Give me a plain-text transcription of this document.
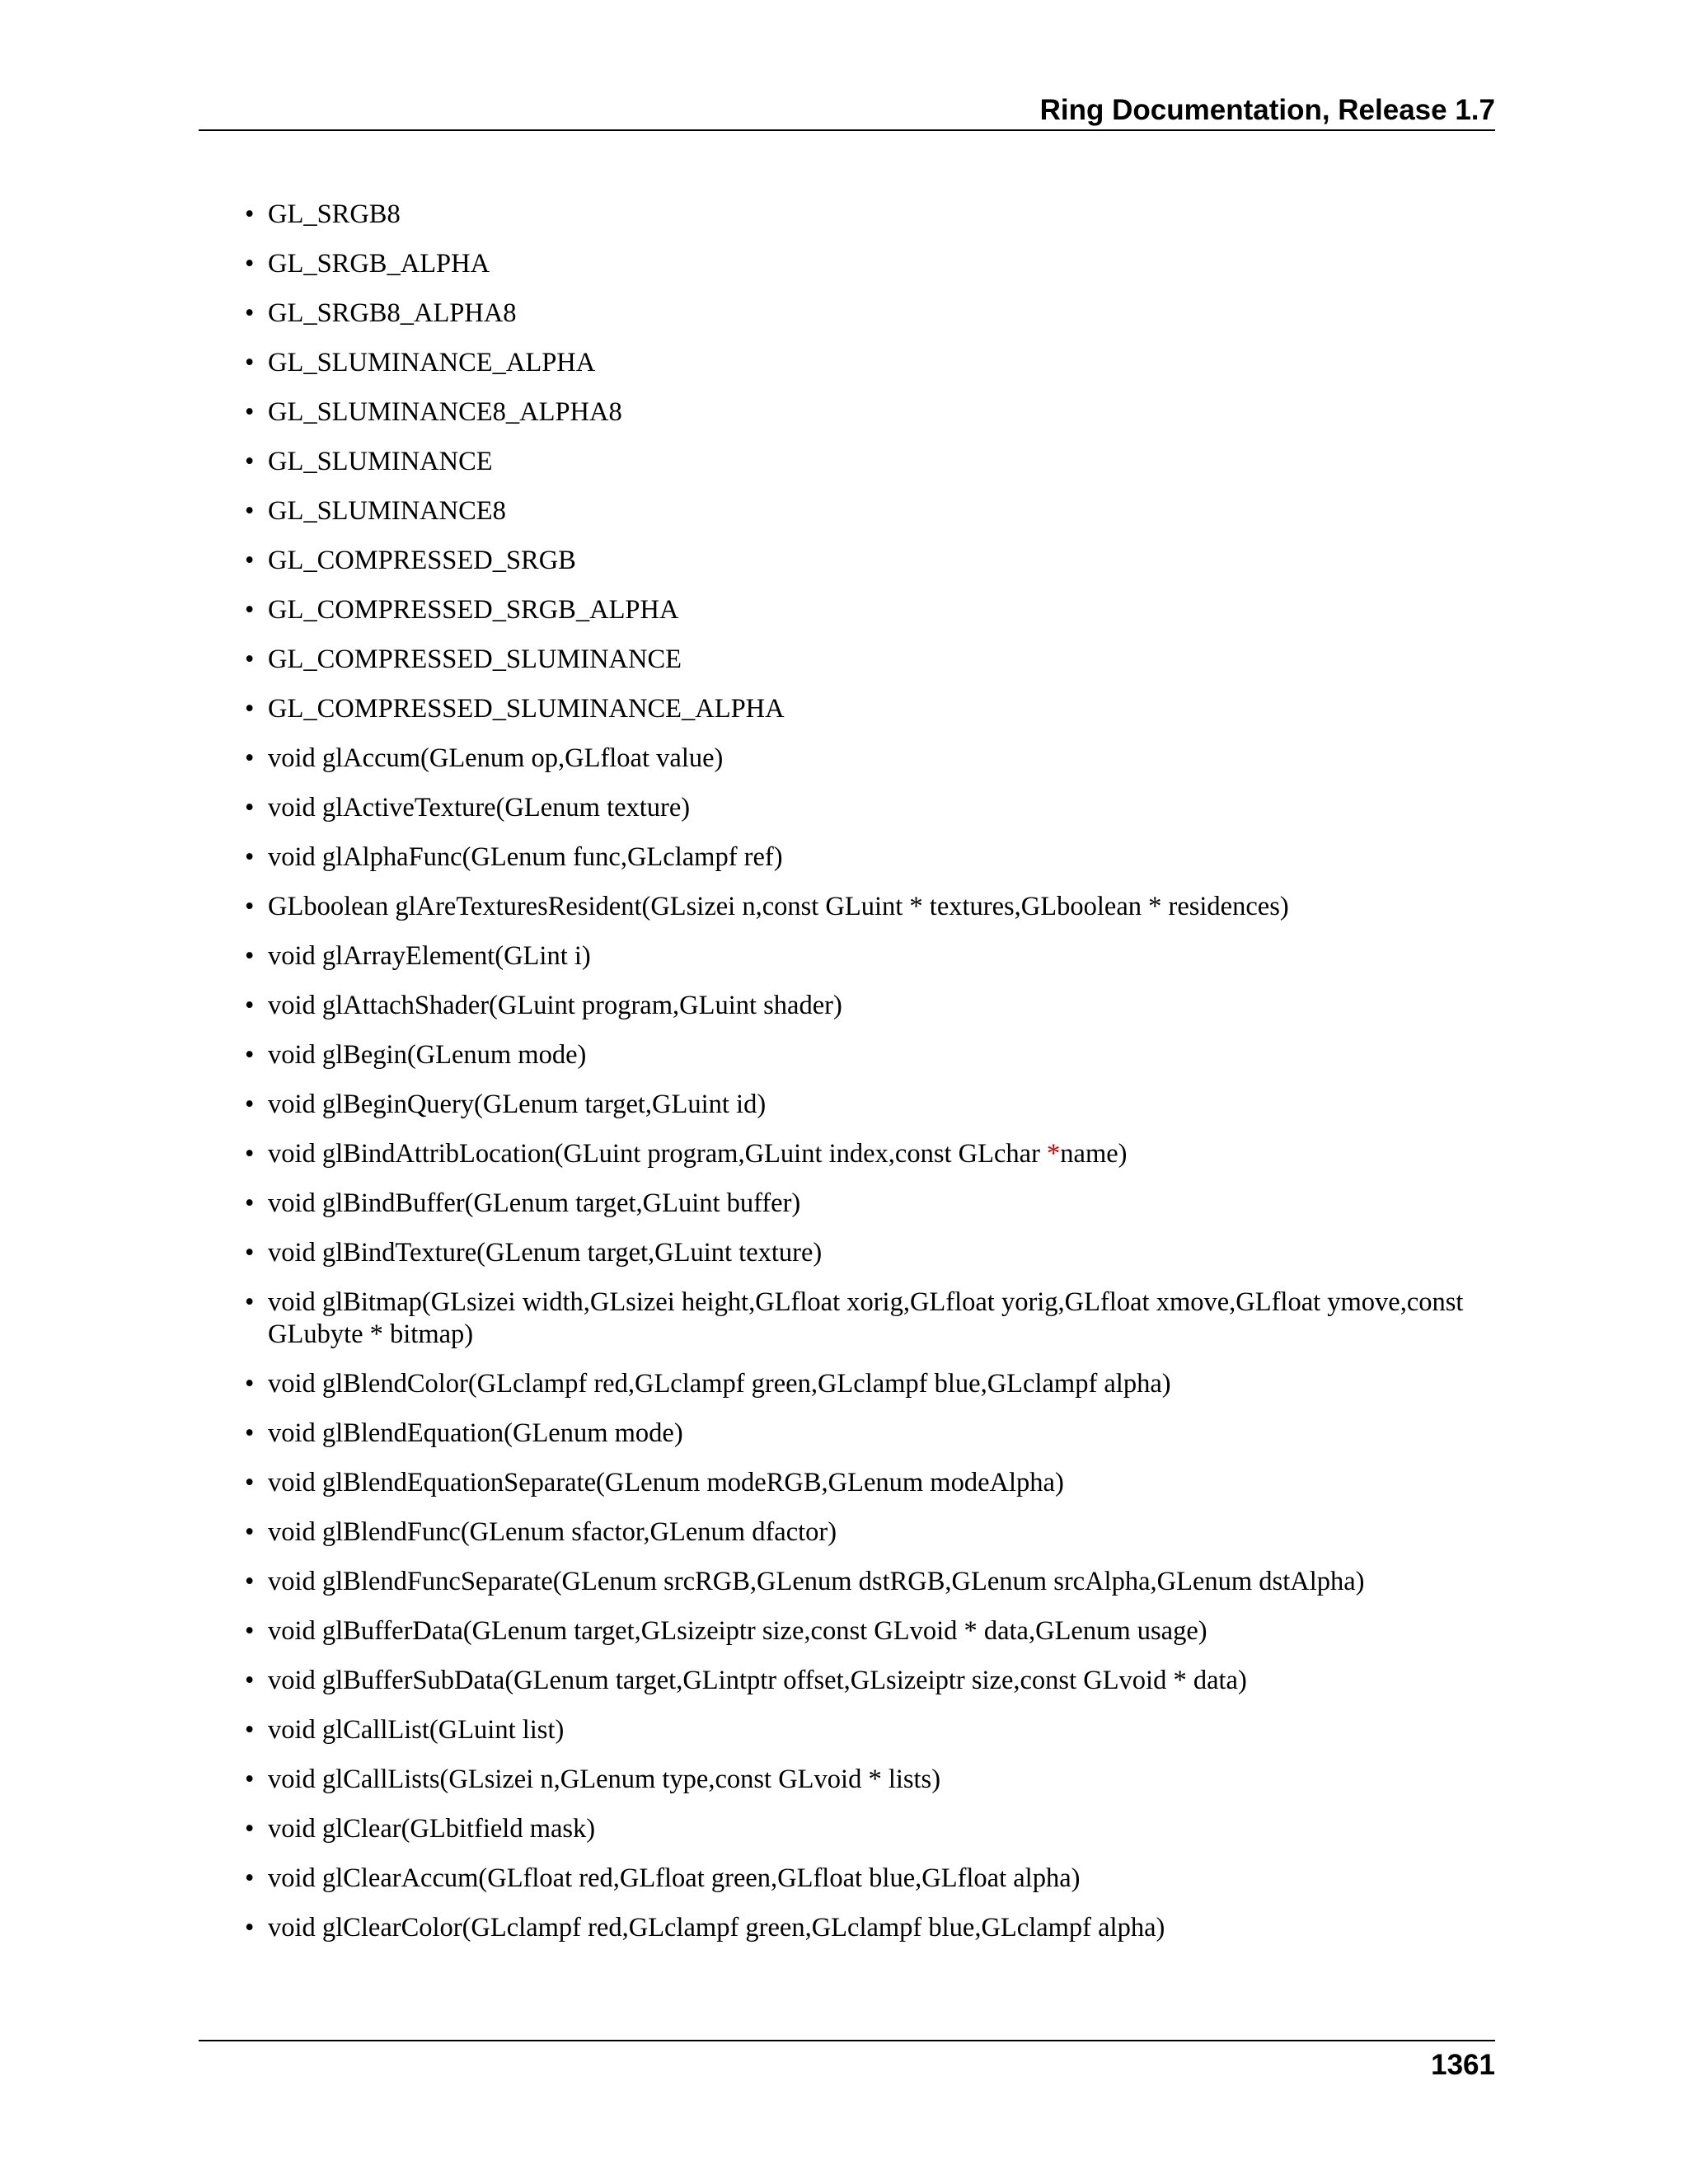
Ring Documentation, Release 1.7
• GL_SRGB8
• GL_SRGB_ALPHA
• GL_SRGB8_ALPHA8
• GL_SLUMINANCE_ALPHA
• GL_SLUMINANCE8_ALPHA8
• GL_SLUMINANCE
• GL_SLUMINANCE8
• GL_COMPRESSED_SRGB
• GL_COMPRESSED_SRGB_ALPHA
• GL_COMPRESSED_SLUMINANCE
• GL_COMPRESSED_SLUMINANCE_ALPHA
• void glAccum(GLenum op,GLfloat value)
• void glActiveTexture(GLenum texture)
• void glAlphaFunc(GLenum func,GLclampf ref)
• GLboolean glAreTexturesResident(GLsizei n,const GLuint * textures,GLboolean * residences)
• void glArrayElement(GLint i)
• void glAttachShader(GLuint program,GLuint shader)
• void glBegin(GLenum mode)
• void glBeginQuery(GLenum target,GLuint id)
• void glBindAttribLocation(GLuint program,GLuint index,const GLchar *name)
• void glBindBuffer(GLenum target,GLuint buffer)
• void glBindTexture(GLenum target,GLuint texture)
• void glBitmap(GLsizei width,GLsizei height,GLfloat xorig,GLfloat yorig,GLfloat xmove,GLfloat ymove,const GLubyte * bitmap)
• void glBlendColor(GLclampf red,GLclampf green,GLclampf blue,GLclampf alpha)
• void glBlendEquation(GLenum mode)
• void glBlendEquationSeparate(GLenum modeRGB,GLenum modeAlpha)
• void glBlendFunc(GLenum sfactor,GLenum dfactor)
• void glBlendFuncSeparate(GLenum srcRGB,GLenum dstRGB,GLenum srcAlpha,GLenum dstAlpha)
• void glBufferData(GLenum target,GLsizeiptr size,const GLvoid * data,GLenum usage)
• void glBufferSubData(GLenum target,GLintptr offset,GLsizeiptr size,const GLvoid * data)
• void glCallList(GLuint list)
• void glCallLists(GLsizei n,GLenum type,const GLvoid * lists)
• void glClear(GLbitfield mask)
• void glClearAccum(GLfloat red,GLfloat green,GLfloat blue,GLfloat alpha)
• void glClearColor(GLclampf red,GLclampf green,GLclampf blue,GLclampf alpha)
1361
